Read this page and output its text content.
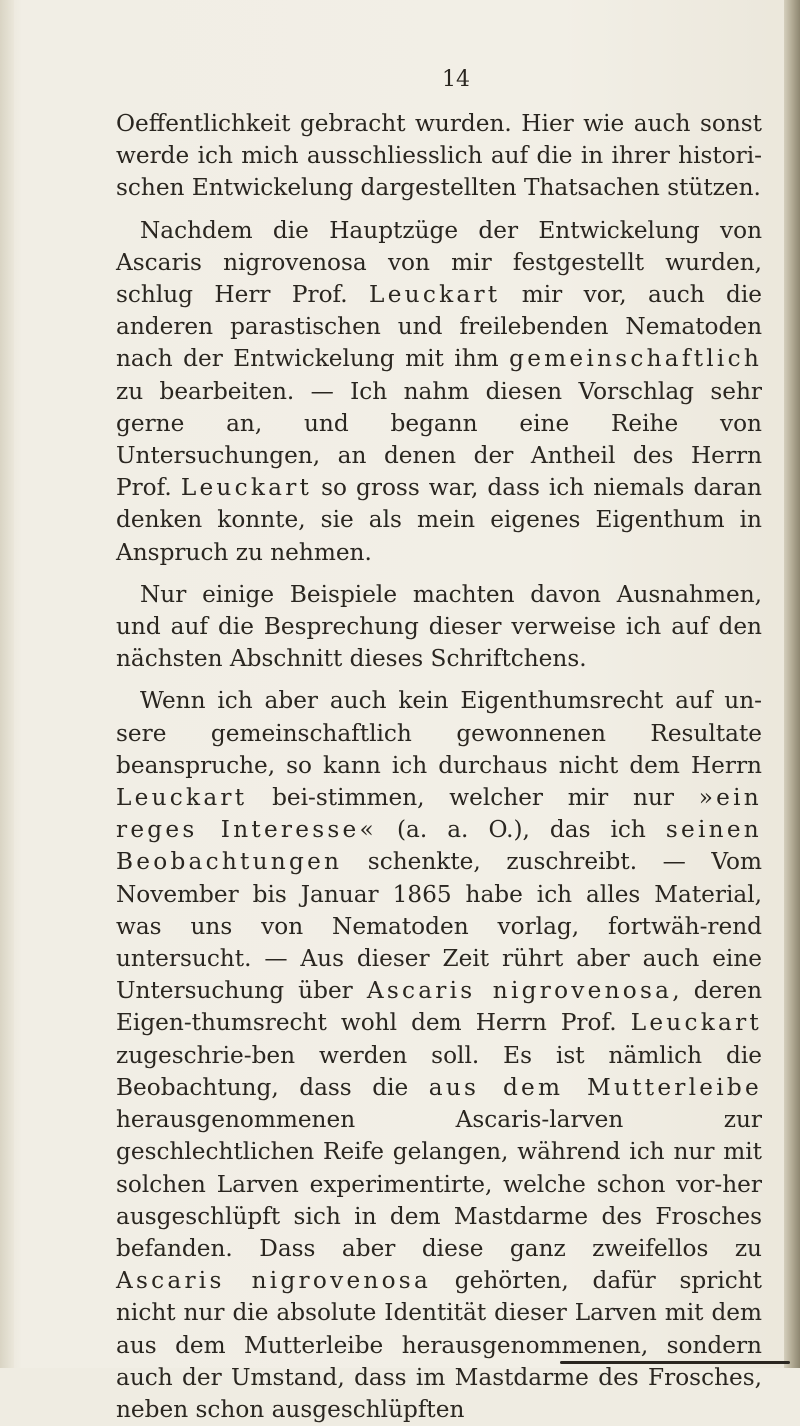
14

Oeffentlichkeit gebracht wurden. Hier wie auch sonst werde ich mich ausschliesslich auf die in ihrer histori-schen Entwickelung dargestellten Thatsachen stützen.

Nachdem die Hauptzüge der Entwickelung von Ascaris nigrovenosa von mir festgestellt wurden, schlug Herr Prof. Leuckart mir vor, auch die anderen parastischen und freilebenden Nematoden nach der Entwickelung mit ihm gemeinschaftlich zu bearbeiten. — Ich nahm diesen Vorschlag sehr gerne an, und begann eine Reihe von Untersuchungen, an denen der Antheil des Herrn Prof. Leuckart so gross war, dass ich niemals daran denken konnte, sie als mein eigenes Eigenthum in Anspruch zu nehmen.

Nur einige Beispiele machten davon Ausnahmen, und auf die Besprechung dieser verweise ich auf den nächsten Abschnitt dieses Schriftchens.

Wenn ich aber auch kein Eigenthumsrecht auf un-sere gemeinschaftlich gewonnenen Resultate beanspruche, so kann ich durchaus nicht dem Herrn Leuckart bei-stimmen, welcher mir nur »ein reges Interesse« (a. a. O.), das ich seinen Beobachtungen schenkte, zuschreibt. — Vom November bis Januar 1865 habe ich alles Material, was uns von Nematoden vorlag, fortwäh-rend untersucht. — Aus dieser Zeit rührt aber auch eine Untersuchung über Ascaris nigrovenosa, deren Eigen-thumsrecht wohl dem Herrn Prof. Leuckart zugeschrie-ben werden soll. Es ist nämlich die Beobachtung, dass die aus dem Mutterleibe herausgenommenen Ascaris-larven zur geschlechtlichen Reife gelangen, während ich nur mit solchen Larven experimentirte, welche schon vor-her ausgeschlüpft sich in dem Mastdarme des Frosches befanden. Dass aber diese ganz zweifellos zu Ascaris nigrovenosa gehörten, dafür spricht nicht nur die absolute Identität dieser Larven mit dem aus dem Mutterleibe herausgenommenen, sondern auch der Umstand, dass im Mastdarme des Frosches, neben schon ausgeschlüpften
